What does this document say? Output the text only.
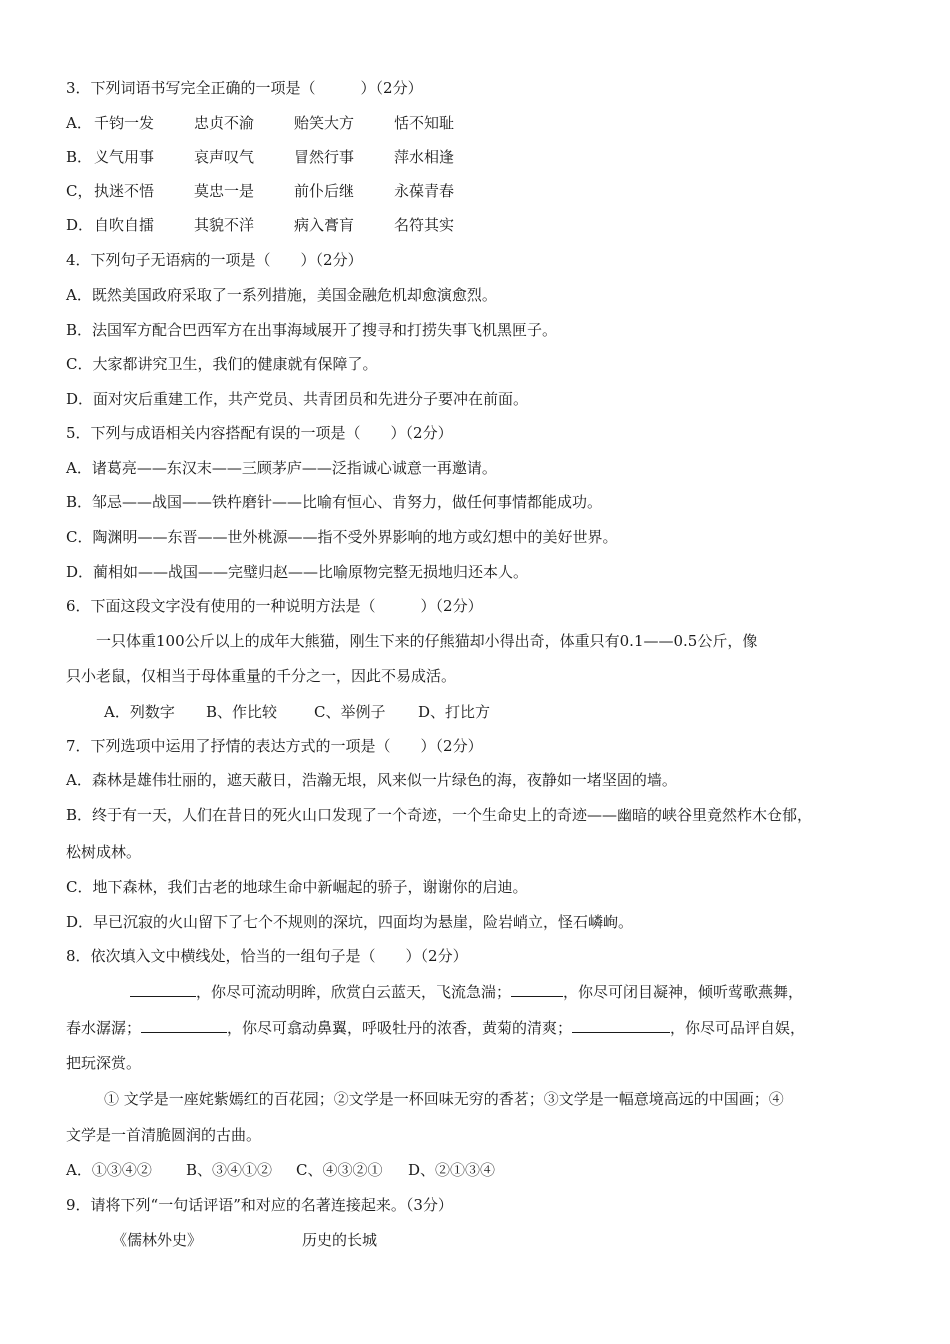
3．下列词语书写完全正确的一项是（　　　）（2分）
A． 千钧一发	忠贞不渝	贻笑大方	恬不知耻
B． 义气用事	哀声叹气	冒然行事	萍水相逢
C， 执迷不悟	莫忠一是	前仆后继	永葆青春
D．自吹自擂	其貌不洋	病入膏肓	名符其实
4．下列句子无语病的一项是（　　）（2分）
A．既然美国政府采取了一系列措施，美国金融危机却愈演愈烈。
B．法国军方配合巴西军方在出事海域展开了搜寻和打捞失事飞机黑匣子。
C．大家都讲究卫生，我们的健康就有保障了。
D．面对灾后重建工作，共产党员、共青团员和先进分子要冲在前面。
5．下列与成语相关内容搭配有误的一项是（　　）（2分）
A．诸葛亮——东汉末——三顾茅庐——泛指诚心诚意一再邀请。
B．邹忌——战国——铁杵磨针——比喻有恒心、肯努力，做任何事情都能成功。
C．陶渊明——东晋——世外桃源——指不受外界影响的地方或幻想中的美好世界。
D．蔺相如——战国——完璧归赵——比喻原物完整无损地归还本人。
6．下面这段文字没有使用的一种说明方法是（　　　）（2分）
一只体重100公斤以上的成年大熊猫，刚生下来的仔熊猫却小得出奇，体重只有0.1——0.5公斤，像
只小老鼠，仅相当于母体重量的千分之一，因此不易成活。
A．列数字 B、作比较 C、举例子 D、打比方
7．下列选项中运用了抒情的表达方式的一项是（　　）（2分）
A．森林是雄伟壮丽的，遮天蔽日，浩瀚无垠，风来似一片绿色的海，夜静如一堵坚固的墙。
B．终于有一天，人们在昔日的死火山口发现了一个奇迹，一个生命史上的奇迹——幽暗的峡谷里竟然柞木仓郁，
松树成林。
C．地下森林，我们古老的地球生命中新崛起的骄子，谢谢你的启迪。
D．早已沉寂的火山留下了七个不规则的深坑，四面均为悬崖，险岩峭立，怪石嶙峋。
8．依次填入文中横线处，恰当的一组句子是（　　）（2分）
，你尽可流动明眸，欣赏白云蓝天，飞流急湍；	，你尽可闭目凝神，倾听莺歌燕舞，
春水潺潺；	，你尽可翕动鼻翼，呼吸牡丹的浓香，黄菊的清爽；	，你尽可品评自娱，
把玩深赏。
① 文学是一座姹紫嫣红的百花园；②文学是一杯回味无穷的香茗；③文学是一幅意境高远的中国画；④
文学是一首清脆圆润的古曲。
A．①③④② B、③④①② C、④③②① D、②①③④
9．请将下列“一句话评语”和对应的名著连接起来。（3分）
《儒林外史》	历史的长城
